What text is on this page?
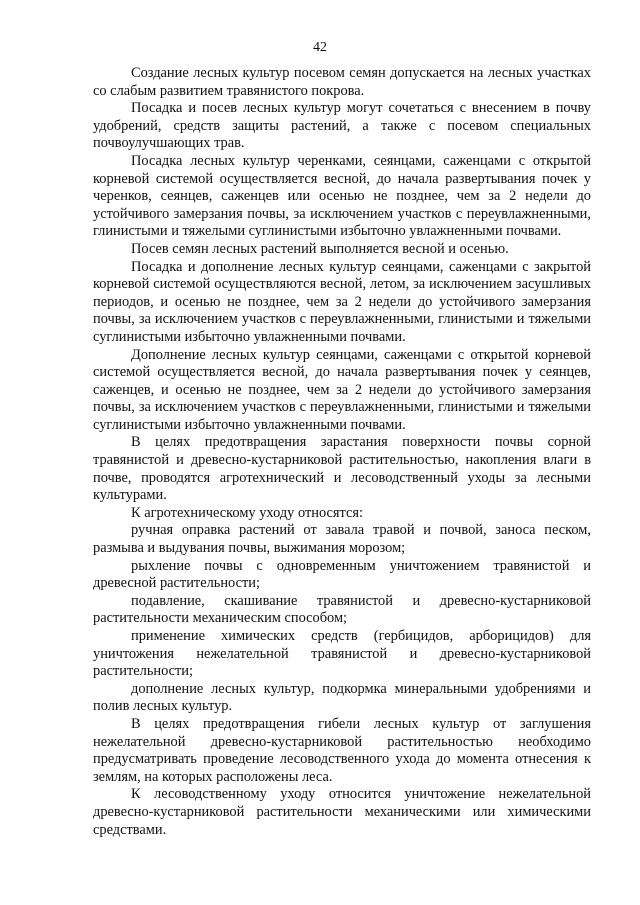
42

Создание лесных культур посевом семян допускается на лесных участках со слабым развитием травянистого покрова.

Посадка и посев лесных культур могут сочетаться с внесением в почву удобрений, средств защиты растений, а также с посевом специальных почвоулучшающих трав.

Посадка лесных культур черенками, сеянцами, саженцами с открытой корневой системой осуществляется весной, до начала развертывания почек у черенков, сеянцев, саженцев или осенью не позднее, чем за 2 недели до устойчивого замерзания почвы, за исключением участков с переувлажненными, глинистыми и тяжелыми суглинистыми избыточно увлажненными почвами.

Посев семян лесных растений выполняется весной и осенью.

Посадка и дополнение лесных культур сеянцами, саженцами с закрытой корневой системой осуществляются весной, летом, за исключением засушливых периодов, и осенью не позднее, чем за 2 недели до устойчивого замерзания почвы, за исключением участков с переувлажненными, глинистыми и тяжелыми суглинистыми избыточно увлажненными почвами.

Дополнение лесных культур сеянцами, саженцами с открытой корневой системой осуществляется весной, до начала развертывания почек у сеянцев, саженцев, и осенью не позднее, чем за 2 недели до устойчивого замерзания почвы, за исключением участков с переувлажненными, глинистыми и тяжелыми суглинистыми избыточно увлажненными почвами.

В целях предотвращения зарастания поверхности почвы сорной травянистой и древесно-кустарниковой растительностью, накопления влаги в почве, проводятся агротехнический и лесоводственный уходы за лесными культурами.

К агротехническому уходу относятся:

ручная оправка растений от завала травой и почвой, заноса песком, размыва и выдувания почвы, выжимания морозом;

рыхление почвы с одновременным уничтожением травянистой и древесной растительности;

подавление, скашивание травянистой и древесно-кустарниковой растительности механическим способом;

применение химических средств (гербицидов, арборицидов) для уничтожения нежелательной травянистой и древесно-кустарниковой растительности;

дополнение лесных культур, подкормка минеральными удобрениями и полив лесных культур.

В целях предотвращения гибели лесных культур от заглушения нежелательной древесно-кустарниковой растительностью необходимо предусматривать проведение лесоводственного ухода до момента отнесения к землям, на которых расположены леса.

К лесоводственному уходу относится уничтожение нежелательной древесно-кустарниковой растительности механическими или химическими средствами.
